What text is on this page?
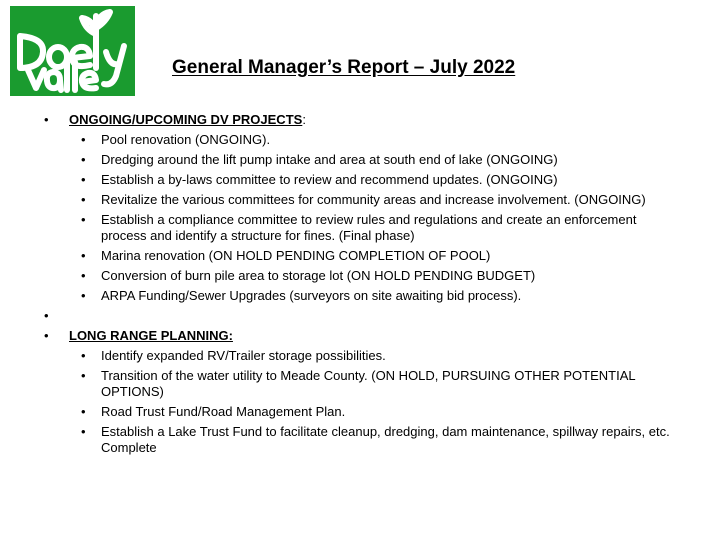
General Manager’s Report – July 2022
• ONGOING/UPCOMING DV PROJECTS:
• Pool renovation (ONGOING).
• Dredging around the lift pump intake and area at south end of lake (ONGOING)
• Establish a by-laws committee to review and recommend updates. (ONGOING)
• Revitalize the various committees for community areas and increase involvement. (ONGOING)
• Establish a compliance committee to review rules and regulations and create an enforcement process and identify a structure for fines. (Final phase)
• Marina renovation (ON HOLD PENDING COMPLETION OF POOL)
• Conversion of burn pile area to storage lot (ON HOLD PENDING BUDGET)
• ARPA Funding/Sewer Upgrades (surveyors on site awaiting bid process).
•
• LONG RANGE PLANNING:
• Identify expanded RV/Trailer storage possibilities.
• Transition of the water utility to Meade County. (ON HOLD, PURSUING OTHER POTENTIAL OPTIONS)
• Road Trust Fund/Road Management Plan.
• Establish a Lake Trust Fund to facilitate cleanup, dredging, dam maintenance, spillway repairs, etc. Complete
